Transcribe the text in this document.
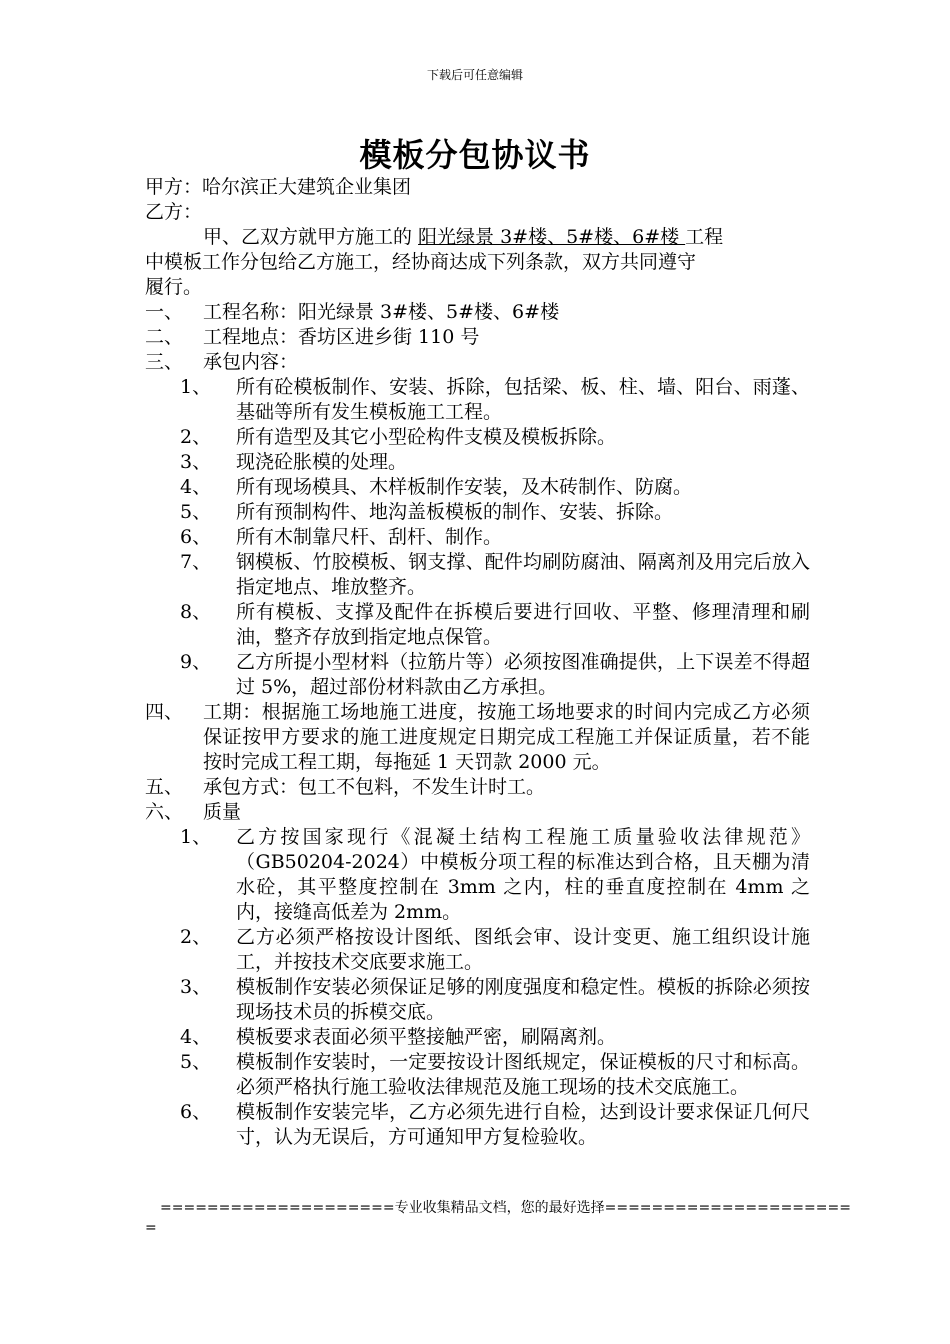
下载后可任意编辑
模板分包协议书
甲方：哈尔滨正大建筑企业集团
乙方：
甲、乙双方就甲方施工的 阳光绿景 3#楼、5#楼、6#楼 工程
中模板工作分包给乙方施工，经协商达成下列条款，双方共同遵守
履行。
一、	工程名称：阳光绿景 3#楼、5#楼、6#楼
二、	工程地点：香坊区进乡街 110 号
三、	承包内容：
1、	所有砼模板制作、安装、拆除，包括梁、板、柱、墙、阳台、雨蓬、基础等所有发生模板施工工程。
2、	所有造型及其它小型砼构件支模及模板拆除。
3、	现浇砼胀模的处理。
4、	所有现场模具、木样板制作安装，及木砖制作、防腐。
5、	所有预制构件、地沟盖板模板的制作、安装、拆除。
6、	所有木制靠尺杆、刮杆、制作。
7、	钢模板、竹胶模板、钢支撑、配件均刷防腐油、隔离剂及用完后放入指定地点、堆放整齐。
8、	所有模板、支撑及配件在拆模后要进行回收、平整、修理清理和刷油，整齐存放到指定地点保管。
9、	乙方所提小型材料（拉筋片等）必须按图准确提供，上下误差不得超过 5%，超过部份材料款由乙方承担。
四、	工期：根据施工场地施工进度，按施工场地要求的时间内完成乙方必须保证按甲方要求的施工进度规定日期完成工程施工并保证质量，若不能按时完成工程工期，每拖延 1 天罚款 2000 元。
五、	承包方式：包工不包料，不发生计时工。
六、	质量
1、	乙方按国家现行《混凝土结构工程施工质量验收法律规范》（GB50204-2024）中模板分项工程的标准达到合格，且天棚为清水砼，其平整度控制在 3mm 之内，柱的垂直度控制在 4mm 之内，接缝高低差为 2mm。
2、	乙方必须严格按设计图纸、图纸会审、设计变更、施工组织设计施工，并按技术交底要求施工。
3、	模板制作安装必须保证足够的刚度强度和稳定性。模板的拆除必须按现场技术员的拆模交底。
4、	模板要求表面必须平整接触严密，刷隔离剂。
5、	模板制作安装时，一定要按设计图纸规定，保证模板的尺寸和标高。必须严格执行施工验收法律规范及施工现场的技术交底施工。
6、	模板制作安装完毕，乙方必须先进行自检，达到设计要求保证几何尺寸，认为无误后，方可通知甲方复检验收。
====================专业收集精品文档，您的最好选择=====================
=
